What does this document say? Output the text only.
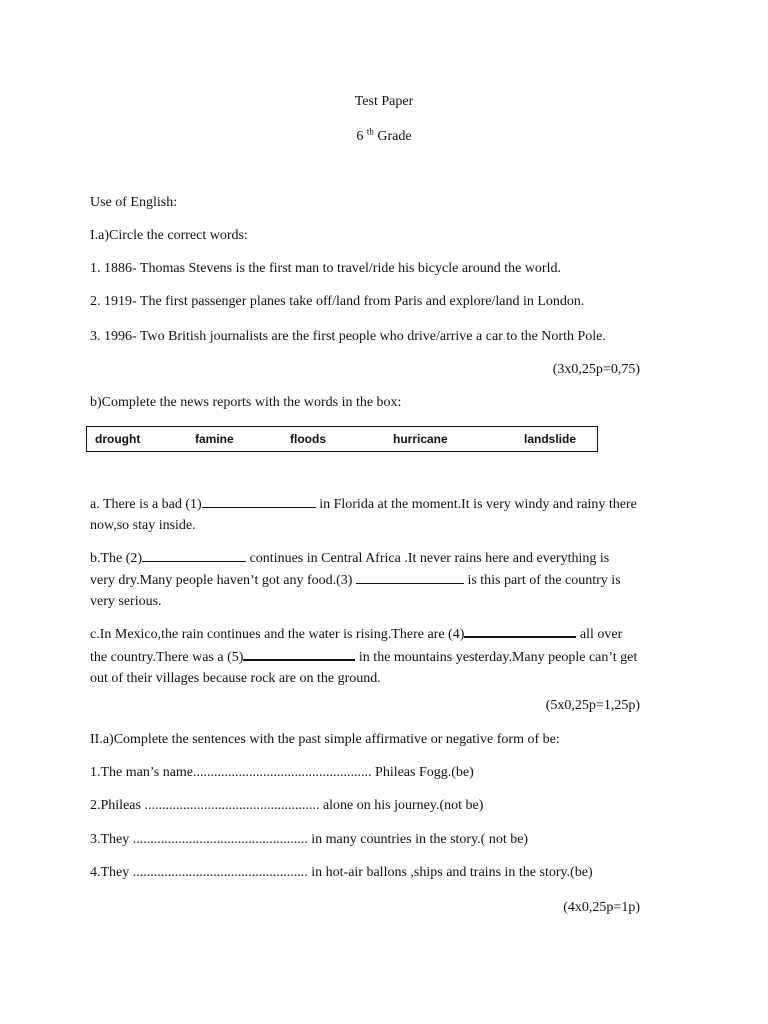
Test Paper
6 $^{th}$ Grade
Use of English:
I.a)Circle the correct words:
1. 1886- Thomas Stevens is the first man to travel/ride his bicycle around the world.
2. 1919- The first passenger planes take off/land from Paris and explore/land in London.
3. 1996- Two British journalists are the first people who drive/arrive a car to the North Pole.
(3x0,25p=0,75)
b)Complete the news reports with the words in the box:
drought	famine	floods	hurricane	landslide
a. There is a bad (1)	in Florida at the moment.It is very windy and rainy there
now,so stay inside.
b.The (2)	continues in Central Africa .It never rains here and everything is
very dry.Many people haven’t got any food.(3)	is this part of the country is
very serious.
c.In Mexico,the rain continues and the water is rising.There are (4)	all over
the country.There was a (5)	in the mountains yesterday.Many people can’t get
out of their villages because rock are on the ground.
(5x0,25p=1,25p)
II.a)Complete the sentences with the past simple affirmative or negative form of be:
1.The man’s name................................................... Phileas Fogg.(be)
2.Phileas .................................................. alone on his journey.(not be)
3.They .................................................. in many countries in the story.( not be)
4.They .................................................. in hot-air ballons ,ships and trains in the story.(be)
(4x0,25p=1p)
